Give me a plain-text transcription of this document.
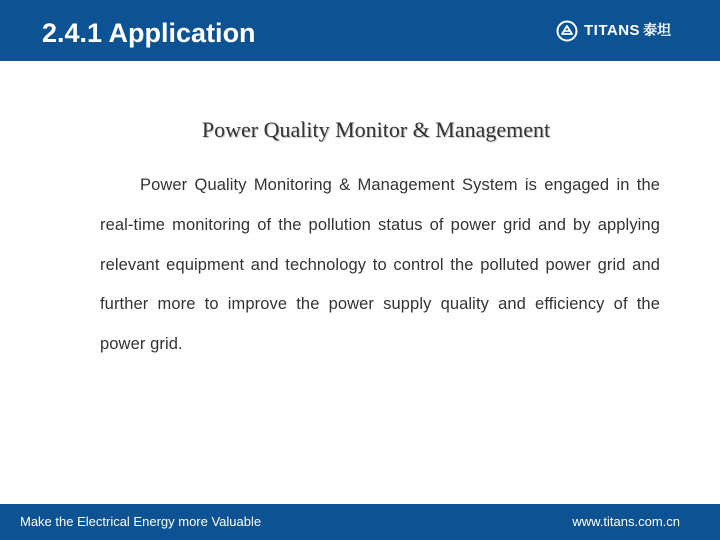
2.4.1 Application	TITANS 泰坦
Power Quality Monitor & Management
Power Quality Monitoring & Management System is engaged in the real-time monitoring of the pollution status of power grid and by applying relevant equipment and technology to control the polluted power grid and further more to improve the power supply quality and efficiency of the power grid.
Make the Electrical Energy more Valuable	www.titans.com.cn
